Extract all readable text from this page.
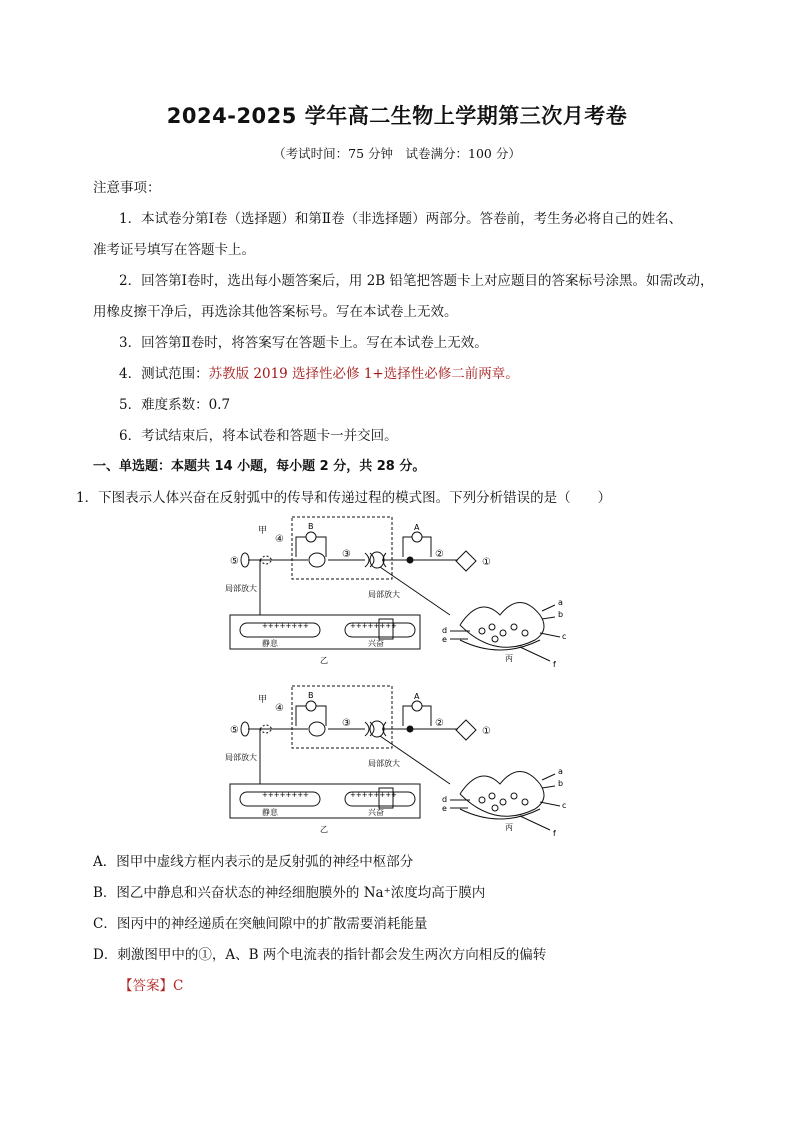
2024-2025 学年高二生物上学期第三次月考卷
（考试时间：75 分钟　试卷满分：100 分）
注意事项：
1．本试卷分第Ⅰ卷（选择题）和第Ⅱ卷（非选择题）两部分。答卷前，考生务必将自己的姓名、
准考证号填写在答题卡上。
2．回答第Ⅰ卷时，选出每小题答案后，用 2B 铅笔把答题卡上对应题目的答案标号涂黑。如需改动，
用橡皮擦干净后，再选涂其他答案标号。写在本试卷上无效。
3．回答第Ⅱ卷时，将答案写在答题卡上。写在本试卷上无效。
4．测试范围：苏教版 2019 选择性必修 1+选择性必修二前两章。
5．难度系数：0.7
6．考试结束后，将本试卷和答题卡一并交回。
一、单选题：本题共 14 小题，每小题 2 分，共 28 分。
1．下图表示人体兴奋在反射弧中的传导和传递过程的模式图。下列分析错误的是（　　）
甲
④
⑤
③	②
①
B	A
局部放大
局部放大
++++++++	++++++++
静息	兴奋
乙	丙
a
b
c
d
e
f
甲
④
⑤
③	②
①
B	A
局部放大
局部放大
++++++++	++++++++
静息	兴奋
乙	丙
a
b
c
d
e
f
A．图甲中虚线方框内表示的是反射弧的神经中枢部分
B．图乙中静息和兴奋状态的神经细胞膜外的 Na⁺浓度均高于膜内
C．图丙中的神经递质在突触间隙中的扩散需要消耗能量
D．刺激图甲中的①，A、B 两个电流表的指针都会发生两次方向相反的偏转
【答案】C
